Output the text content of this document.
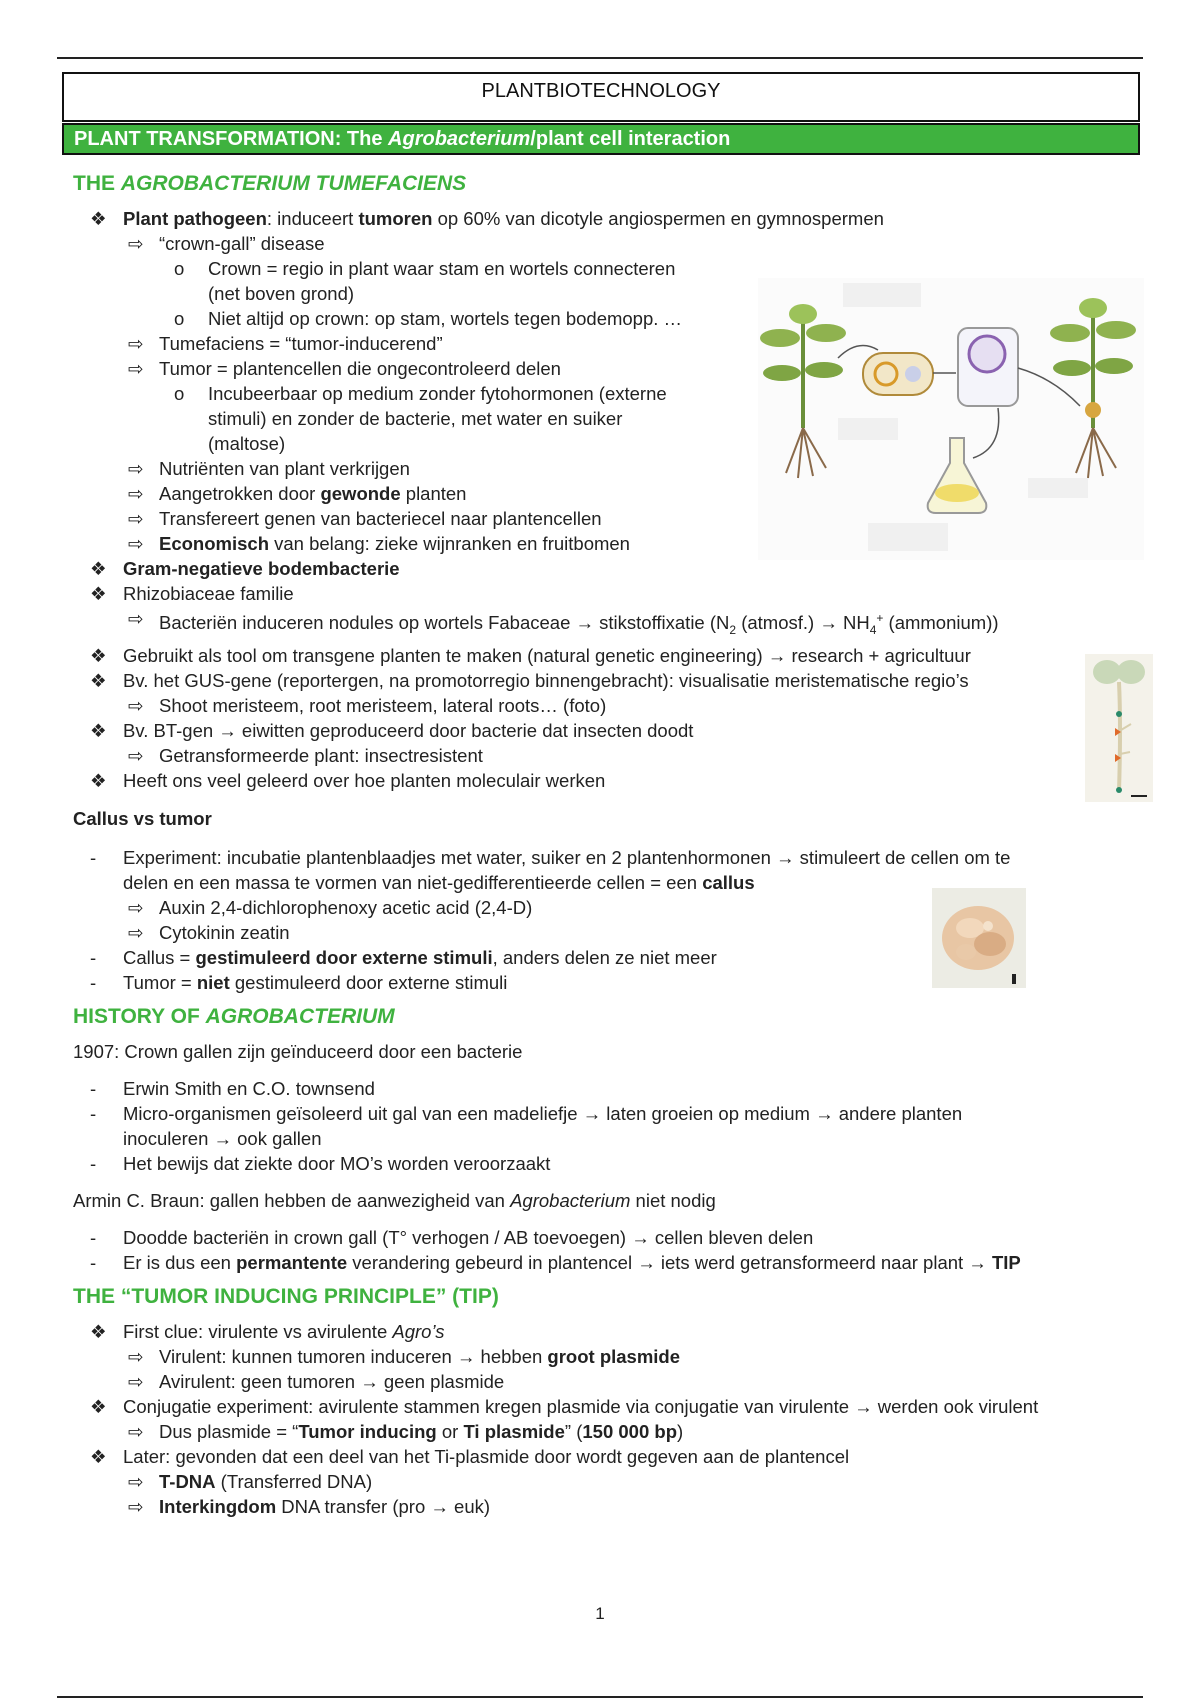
PLANTBIOTECHNOLOGY
PLANT TRANSFORMATION: The Agrobacterium/plant cell interaction
THE AGROBACTERIUM TUMEFACIENS
❖ Plant pathogeen: induceert tumoren op 60% van dicotyle angiospermen en gymnospermen
⇨ “crown-gall” disease
o Crown = regio in plant waar stam en wortels connecteren
(net boven grond)
o Niet altijd op crown: op stam, wortels tegen bodemopp. …
⇨ Tumefaciens = “tumor-inducerend”
⇨ Tumor = plantencellen die ongecontroleerd delen
o Incubeerbaar op medium zonder fytohormonen (externe
stimuli) en zonder de bacterie, met water en suiker
(maltose)
⇨ Nutriënten van plant verkrijgen
⇨ Aangetrokken door gewonde planten
⇨ Transfereert genen van bacteriecel naar plantencellen
⇨ Economisch van belang: zieke wijnranken en fruitbomen
❖ Gram-negatieve bodembacterie
❖ Rhizobiaceae familie
⇨ Bacteriën induceren nodules op wortels Fabaceae → stikstoffixatie ($N_2$ (atmosf.) → $NH_4^+$ (ammonium))
❖ Gebruikt als tool om transgene planten te maken (natural genetic engineering) → research + agricultuur
❖ Bv. het GUS-gene (reportergen, na promotorregio binnengebracht): visualisatie meristematische regio’s
⇨ Shoot meristeem, root meristeem, lateral roots… (foto)
❖ Bv. BT-gen → eiwitten geproduceerd door bacterie dat insecten doodt
⇨ Getransformeerde plant: insectresistent
❖ Heeft ons veel geleerd over hoe planten moleculair werken
Callus vs tumor
- Experiment: incubatie plantenblaadjes met water, suiker en 2 plantenhormonen → stimuleert de cellen om te
delen en een massa te vormen van niet-gedifferentieerde cellen = een callus
⇨ Auxin 2,4-dichlorophenoxy acetic acid (2,4-D)
⇨ Cytokinin zeatin
- Callus = gestimuleerd door externe stimuli, anders delen ze niet meer
- Tumor = niet gestimuleerd door externe stimuli
HISTORY OF AGROBACTERIUM
1907: Crown gallen zijn geïnduceerd door een bacterie
- Erwin Smith en C.O. townsend
- Micro-organismen geïsoleerd uit gal van een madeliefje → laten groeien op medium → andere planten
inoculeren → ook gallen
- Het bewijs dat ziekte door MO’s worden veroorzaakt
Armin C. Braun: gallen hebben de aanwezigheid van Agrobacterium niet nodig
- Doodde bacteriën in crown gall (T° verhogen / AB toevoegen) → cellen bleven delen
- Er is dus een permantente verandering gebeurd in plantencel → iets werd getransformeerd naar plant → TIP
THE “TUMOR INDUCING PRINCIPLE” (TIP)
❖ First clue: virulente vs avirulente Agro’s
⇨ Virulent: kunnen tumoren induceren → hebben groot plasmide
⇨ Avirulent: geen tumoren → geen plasmide
❖ Conjugatie experiment: avirulente stammen kregen plasmide via conjugatie van virulente → werden ook virulent
⇨ Dus plasmide = “Tumor inducing or Ti plasmide” (150 000 bp)
❖ Later: gevonden dat een deel van het Ti-plasmide door wordt gegeven aan de plantencel
⇨ T-DNA (Transferred DNA)
⇨ Interkingdom DNA transfer (pro → euk)
1
